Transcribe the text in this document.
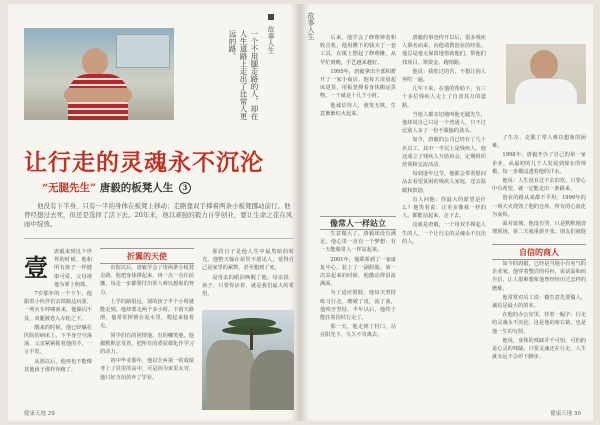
一个不用腿走路的人，却在人生道路上走出了比常人更远的路。	故事人生
让行走的灵魂永不沉沦
“无腿先生” 唐毅的板凳人生 3
他没有下半身，只有一半的身体在板凳上移动；走路靠双手撑着两条小板凳挪动前行。他曾经想过去死，但还是选择了活下去。20年来，他以顽强的毅力自学创业，要让生命之花在风雨中绽放。
壹

唐毅来到这个世界的时候，他和所有孩子一样健康可爱，父母视他为掌上明珠。

7岁那年的一个下午，他跟着小伙伴们去铁路边玩耍，一列火车呼啸而来，他躲闪不及，双腿被卷入车轮之下。

醒来的时候，他已经躺在医院的病床上，下半身空空荡荡，父亲紧紧握着他的手，一言不发。

从那以后，他再也不能像其他孩子那样奔跑了。

折翼的天使

出院以后，唐毅学会了用两条小板凳走路。他把身体撑起来，再一点一点往前挪，每走一步都要付出常人难以想象的努力。

上学的路很远，别的孩子半个小时就能走到，他却要走两个多小时。下雨天路滑，他常常摔倒在泥水里，爬起来接着走。

同学们有的同情他，有的嘲笑他，他都默默忍受着，把所有的委屈都化作学习的动力。

初中毕业那年，他以全乡第一的成绩考上了县里的高中，可是因为家里太穷，他只好含泪放弃了学业。

那段日子是他人生中最黑暗的时光。他整天躲在屋里不愿见人，觉得自己是家里的累赘，甚至想到了死。

是母亲的眼泪唤醒了他。母亲说：孩子，只要你活着，就是我们最大的希望。

健康天地 29
故事人生	后来，他学会了修理钟表和收音机。他用攒下的钱买了一套工具，在镇上摆起了修理摊，从早忙到晚，手艺越来越好。

1995年，唐毅拿出全部积蓄开了一家小商店。他每天凌晨起床进货，用板凳撑着身体搬运货物，一干就是十几个小时。

他诚信待人，童叟无欺，生意渐渐红火起来。

像常人一样站立

生意做大了，唐毅却没有满足。他心里一直有一个梦想：有一天能像常人一样站起来。

2001年，他联系到了一家康复中心，装上了一副假肢。第一次站起来的时候，他激动得泪流满面。

为了适应假肢，他每天坚持练习行走，磨破了皮，流了血，他咬牙坚持。半年以后，他终于能拄着拐杖行走了。

那一天，他走到了村口，站在阳光下，久久不肯离去。

唐毅的事迹传开以后，很多残疾人慕名而来，向他请教创业的经验。他总是毫无保留地帮助他们，帮他们找项目、筹资金、跑销路。

他说：我吃过的苦，不想让别人再吃一遍。

几年下来，在他的帮助下，有三十多位残疾人走上了自食其力的道路。

当地人都亲切地叫他无腿先生，他却说自己只是一个普通人，只不过比别人多了一份不服输的劲头。

如今，唐毅的公司已经有了几十名员工，其中一半以上是残疾人。他还成立了残疾人互助协会，定期组织培训和交流活动。

每到逢年过节，他都会带着慰问品去看望贫困的残疾人家庭，送去温暖和鼓励。

有人问他：你最大的愿望是什么？他笑着说：让更多像我一样的人，都能站起来，走下去。

这就是唐毅，一个用双手撑起人生的人，一个让行走的灵魂永不沉沦的人。

了生存，克服了常人难以想象的困难。

1998年，唐毅开办了自己的第一家企业，从最初的几个人发展到现在的规模，每一步都浸透着他的汗水。

他说：人生没有过不去的坎，只要心中有希望，就一定能走出一条路来。

创业的路从来都不平坦。1999年的一场大火烧毁了他的仓库，所有的心血化为灰烬。

面对废墟，他没有哭，只是默默地清理现场，第二天就重新开张。朋友们被他

自信的商人

如今的唐毅，已经是当地小有名气的企业家。他穿着整洁的衬衫，说话温和而自信，让人很难想象他曾经经历过怎样的磨难。

他常常对员工说：做生意先要做人，诚信是最大的资本。

在他的办公室里，挂着一幅字：行走的灵魂永不沉沦。这是他的座右铭，也是他一生的写照。

他说，身体的残缺并不可怕，可怕的是心灵的残缺。只要灵魂还在行走，人生就永远不会停下脚步。

健康天地 30
